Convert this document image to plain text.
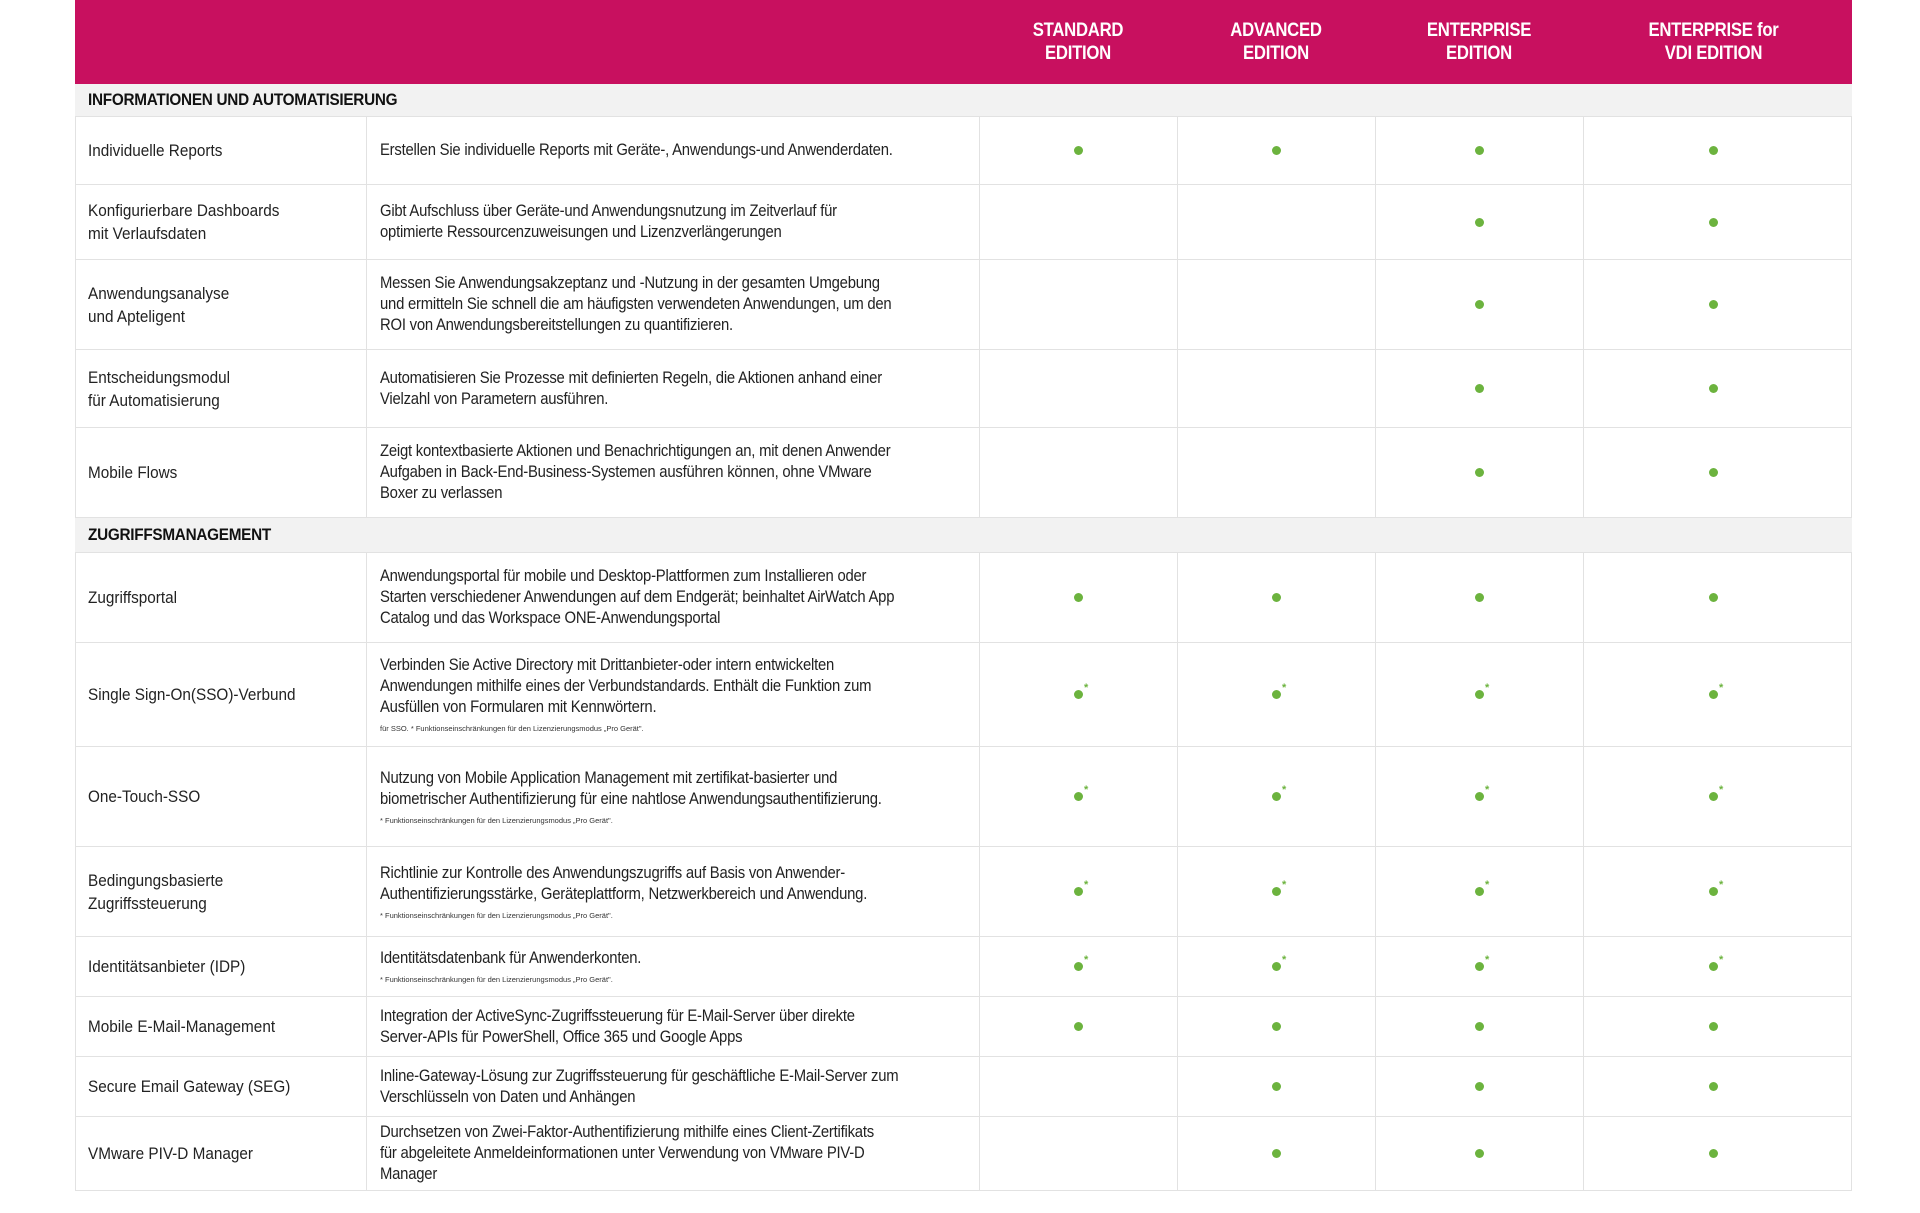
STANDARD
EDITION
ADVANCED
EDITION
ENTERPRISE
EDITION
ENTERPRISE for
VDI EDITION
INFORMATIONEN UND AUTOMATISIERUNG
Individuelle Reports	Erstellen Sie individuelle Reports mit Geräte-, Anwendungs-und Anwenderdaten.
Konfigurierbare Dashboards
mit Verlaufsdaten
Gibt Aufschluss über Geräte-und Anwendungsnutzung im Zeitverlauf für
optimierte Ressourcenzuweisungen und Lizenzverlängerungen
Anwendungsanalyse
und Apteligent
Messen Sie Anwendungsakzeptanz und -Nutzung in der gesamten Umgebung
und ermitteln Sie schnell die am häufigsten verwendeten Anwendungen, um den
ROI von Anwendungsbereitstellungen zu quantifizieren.
Entscheidungsmodul
für Automatisierung
Automatisieren Sie Prozesse mit definierten Regeln, die Aktionen anhand einer
Vielzahl von Parametern ausführen.
Mobile Flows
Zeigt kontextbasierte Aktionen und Benachrichtigungen an, mit denen Anwender
Aufgaben in Back-End-Business-Systemen ausführen können, ohne VMware
Boxer zu verlassen
ZUGRIFFSMANAGEMENT
Zugriffsportal
Anwendungsportal für mobile und Desktop-Plattformen zum Installieren oder
Starten verschiedener Anwendungen auf dem Endgerät; beinhaltet AirWatch App
Catalog und das Workspace ONE-Anwendungsportal
Single Sign-On(SSO)-Verbund
Verbinden Sie Active Directory mit Drittanbieter-oder intern entwickelten
Anwendungen mithilfe eines der Verbundstandards. Enthält die Funktion zum
Ausfüllen von Formularen mit Kennwörtern.
für SSO. * Funktionseinschränkungen für den Lizenzierungsmodus „Pro Gerät".
*
*
*
*
One-Touch-SSO
Nutzung von Mobile Application Management mit zertifikat-basierter und
biometrischer Authentifizierung für eine nahtlose Anwendungsauthentifizierung.
* Funktionseinschränkungen für den Lizenzierungsmodus „Pro Gerät".
*
*
*
*
Bedingungsbasierte
Zugriffssteuerung
Richtlinie zur Kontrolle des Anwendungszugriffs auf Basis von Anwender-
Authentifizierungsstärke, Geräteplattform, Netzwerkbereich und Anwendung.
* Funktionseinschränkungen für den Lizenzierungsmodus „Pro Gerät".
*
*
*
*
Identitätsanbieter (IDP)	Identitätsdatenbank für Anwenderkonten.
* Funktionseinschränkungen für den Lizenzierungsmodus „Pro Gerät".
*
*
*
*
Mobile E-Mail-Management
Integration der ActiveSync-Zugriffssteuerung für E-Mail-Server über direkte
Server-APIs für PowerShell, Office 365 und Google Apps
Secure Email Gateway (SEG)
Inline-Gateway-Lösung zur Zugriffssteuerung für geschäftliche E-Mail-Server zum
Verschlüsseln von Daten und Anhängen
VMware PIV-D Manager
Durchsetzen von Zwei-Faktor-Authentifizierung mithilfe eines Client-Zertifikats
für abgeleitete Anmeldeinformationen unter Verwendung von VMware PIV-D
Manager
